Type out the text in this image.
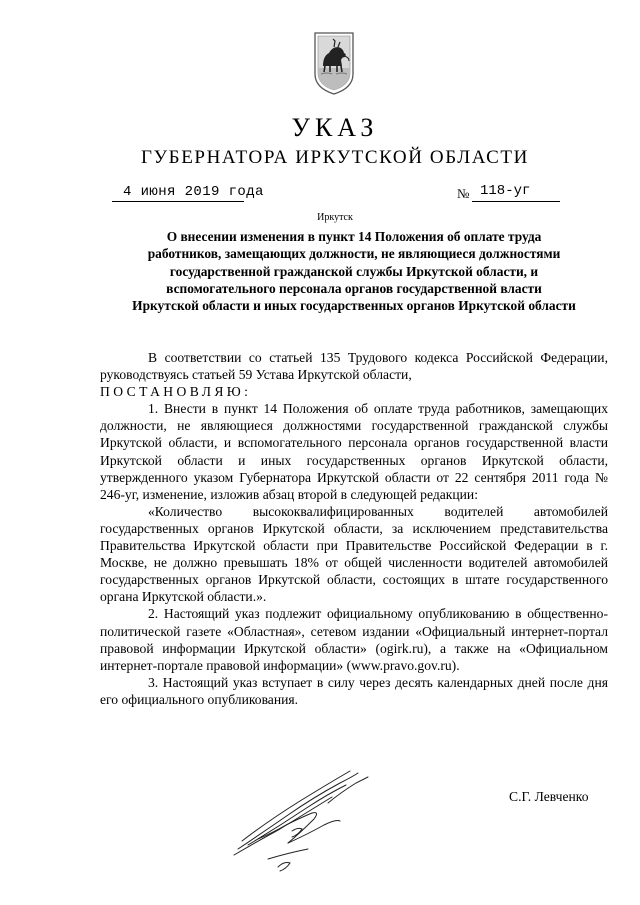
УКАЗ
ГУБЕРНАТОРА ИРКУТСКОЙ ОБЛАСТИ
4 июня 2019 года	№ 118-уг
Иркутск
О внесении изменения в пункт 14 Положения об оплате труда
работников, замещающих должности, не являющиеся должностями
государственной гражданской службы Иркутской области, и
вспомогательного персонала органов государственной власти
Иркутской области и иных государственных органов Иркутской области
В соответствии со статьей 135 Трудового кодекса Российской Федерации, руководствуясь статьей 59 Устава Иркутской области,
ПОСТАНОВЛЯЮ:
1. Внести в пункт 14 Положения об оплате труда работников, замещающих должности, не являющиеся должностями государственной гражданской службы Иркутской области, и вспомогательного персонала органов государственной власти Иркутской области и иных государственных органов Иркутской области, утвержденного указом Губернатора Иркутской области от 22 сентября 2011 года № 246-уг, изменение, изложив абзац второй в следующей редакции:
«Количество высококвалифицированных водителей автомобилей государственных органов Иркутской области, за исключением представительства Правительства Иркутской области при Правительстве Российской Федерации в г. Москве, не должно превышать 18% от общей численности водителей автомобилей государственных органов Иркутской области, состоящих в штате государственного органа Иркутской области.».
2. Настоящий указ подлежит официальному опубликованию в общественно-политической газете «Областная», сетевом издании «Официальный интернет-портал правовой информации Иркутской области» (ogirk.ru), а также на «Официальном интернет-портале правовой информации» (www.pravo.gov.ru).
3. Настоящий указ вступает в силу через десять календарных дней после дня его официального опубликования.
С.Г. Левченко
